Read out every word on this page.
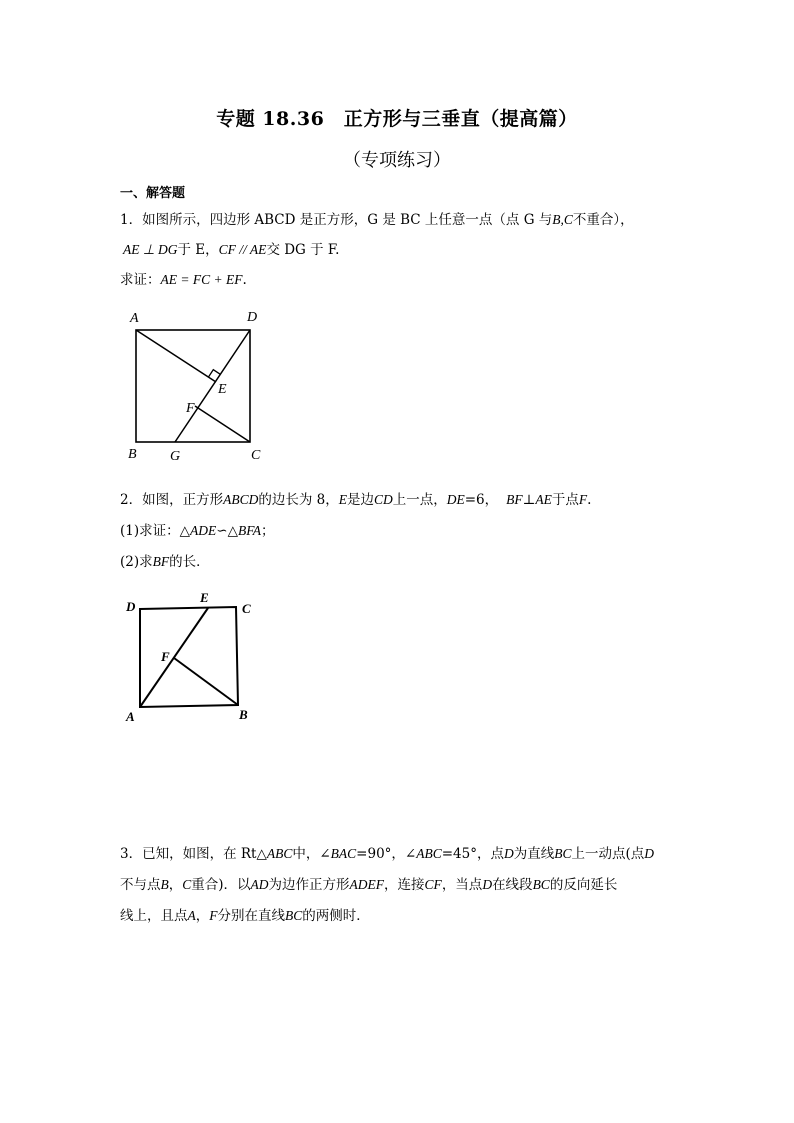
专题 18.36　正方形与三垂直（提高篇）
（专项练习）
一、解答题
1．如图所示，四边形 ABCD 是正方形，G 是 BC 上任意一点（点 G 与B,C不重合），
AE ⊥ DG于 E，CF // AE交 DG 于 F.
求证：AE = FC + EF.
A	D
E
F
B G	C
2．如图，正方形ABCD的边长为 8，E是边CD上一点，DE=6， BF⊥AE于点F.
(1)求证：△ADE∽△BFA；
(2)求BF的长．
D
E
C
F
A	B
3．已知，如图，在 Rt△ABC中，∠BAC=90°，∠ABC=45°，点D为直线BC上一动点(点D
不与点B，C重合)．以AD为边作正方形ADEF，连接CF，当点D在线段BC的反向延长
线上，且点A，F分别在直线BC的两侧时．
